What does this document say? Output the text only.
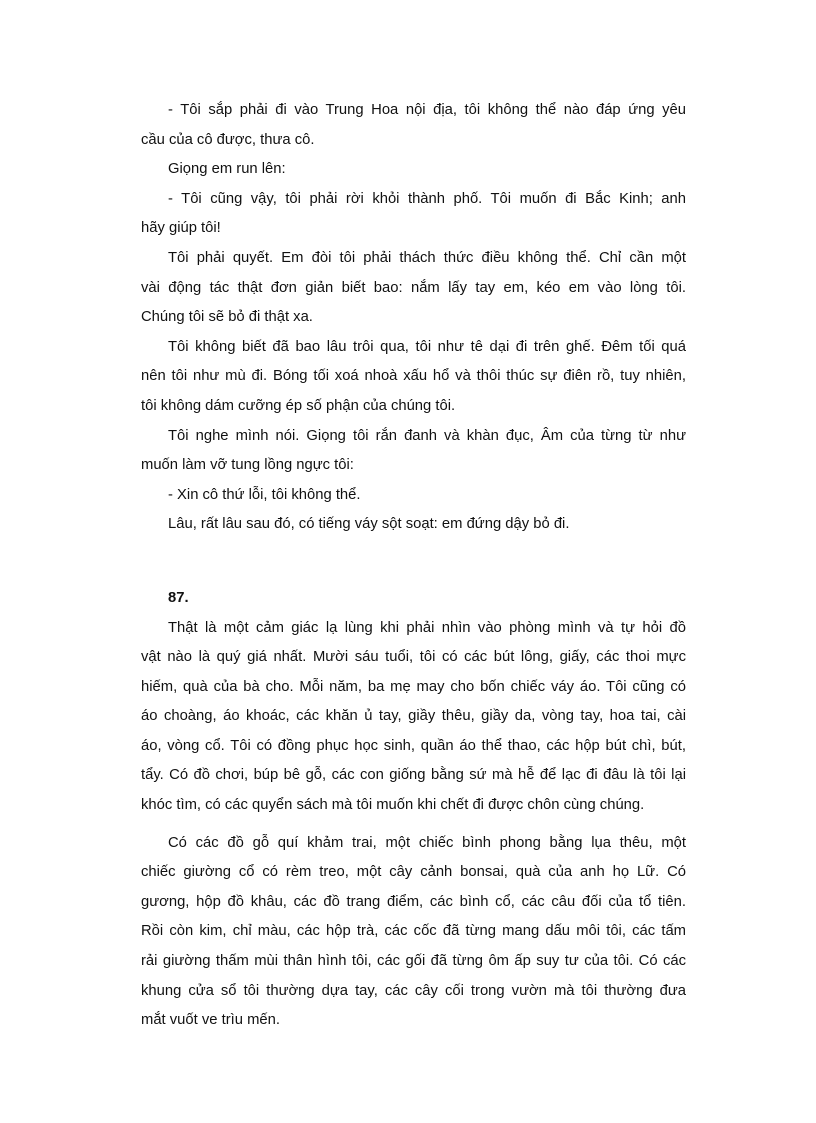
- Tôi sắp phải đi vào Trung Hoa nội địa, tôi không thể nào đáp ứng yêu
cầu của cô được, thưa cô.
Giọng em run lên:
- Tôi cũng vậy, tôi phải rời khỏi thành phố. Tôi muốn đi Bắc Kinh; anh
hãy giúp tôi!
Tôi phải quyết. Em đòi tôi phải thách thức điều không thể. Chỉ cần một
vài động tác thật đơn giản biết bao: nắm lấy tay em, kéo em vào lòng tôi.
Chúng tôi sẽ bỏ đi thật xa.
Tôi không biết đã bao lâu trôi qua, tôi như tê dại đi trên ghế. Đêm tối quá
nên tôi như mù đi. Bóng tối xoá nhoà xấu hổ và thôi thúc sự điên rồ, tuy nhiên,
tôi không dám cưỡng ép số phận của chúng tôi.
Tôi nghe mình nói. Giọng tôi rắn đanh và khàn đục, Âm của từng từ như
muốn làm vỡ tung lồng ngực tôi:
- Xin cô thứ lỗi, tôi không thể.
Lâu, rất lâu sau đó, có tiếng váy sột soạt: em đứng dậy bỏ đi.
87.
Thật là một cảm giác lạ lùng khi phải nhìn vào phòng mình và tự hỏi đồ
vật nào là quý giá nhất. Mười sáu tuổi, tôi có các bút lông, giấy, các thoi mực
hiếm, quà của bà cho. Mỗi năm, ba mẹ may cho bốn chiếc váy áo. Tôi cũng có
áo choàng, áo khoác, các khăn ủ tay, giầy thêu, giầy da, vòng tay, hoa tai, cài
áo, vòng cổ. Tôi có đồng phục học sinh, quần áo thể thao, các hộp bút chì, bút,
tẩy. Có đồ chơi, búp bê gỗ, các con giống bằng sứ mà hễ để lạc đi đâu là tôi lại
khóc tìm, có các quyển sách mà tôi muốn khi chết đi được chôn cùng chúng.
Có các đồ gỗ quí khảm trai, một chiếc bình phong bằng lụa thêu, một
chiếc giường cổ có rèm treo, một cây cảnh bonsai, quà của anh họ Lữ. Có
gương, hộp đồ khâu, các đồ trang điểm, các bình cổ, các câu đối của tổ tiên.
Rồi còn kim, chỉ màu, các hộp trà, các cốc đã từng mang dấu môi tôi, các tấm
rải giường thấm mùi thân hình tôi, các gối đã từng ôm ấp suy tư của tôi. Có các
khung cửa sổ tôi thường dựa tay, các cây cối trong vườn mà tôi thường đưa
mắt vuốt ve trìu mến.
